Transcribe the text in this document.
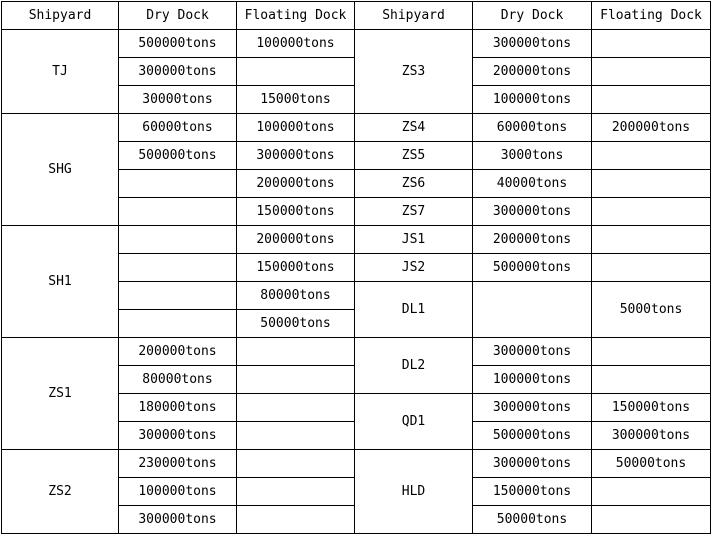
Shipyard	Dry Dock	Floating Dock	Shipyard	Dry Dock	Floating Dock
TJ	500000tons	100000tons	ZS3	300000tons	
	300000tons			200000tons	
	30000tons	15000tons		100000tons	
SHG	60000tons	100000tons	ZS4	60000tons	200000tons
	500000tons	300000tons	ZS5	3000tons	
		200000tons	ZS6	40000tons	
		150000tons	ZS7	300000tons	
SH1		200000tons	JS1	200000tons	
		150000tons	JS2	500000tons	
		80000tons	DL1		5000tons
		50000tons			
ZS1	200000tons		DL2	300000tons	
	80000tons			100000tons	
	180000tons		QD1	300000tons	150000tons
	300000tons			500000tons	300000tons
ZS2	230000tons		HLD	300000tons	50000tons
	100000tons			150000tons	
	300000tons			50000tons	
